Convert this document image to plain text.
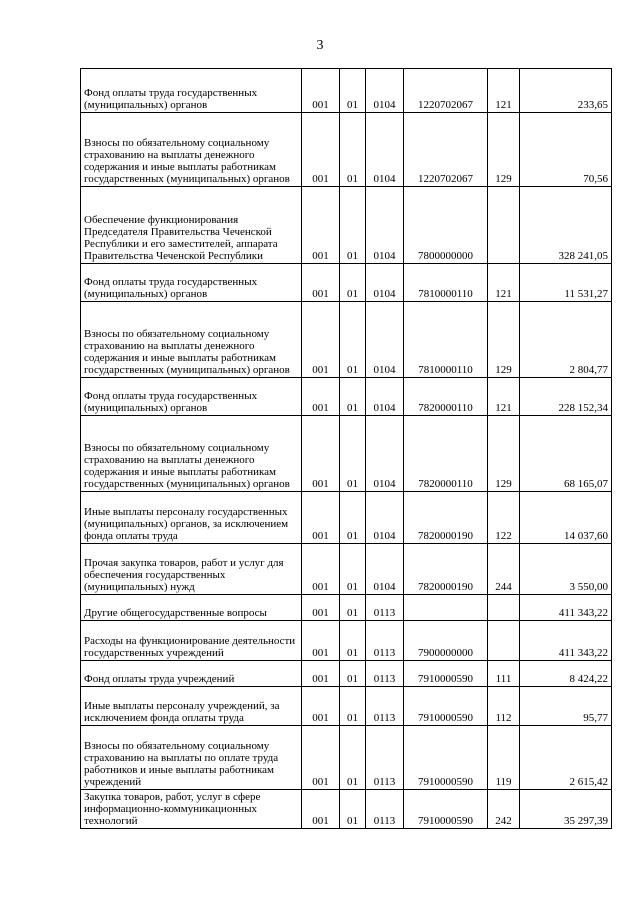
3
Фонд оплаты труда государственных (муниципальных) органов	001	01	0104	1220702067	121	233,65
Взносы по обязательному социальному страхованию на выплаты денежного содержания и иные выплаты работникам государственных (муниципальных) органов	001	01	0104	1220702067	129	70,56
Обеспечение функционирования Председателя Правительства Чеченской Республики и его заместителей, аппарата Правительства Чеченской Республики	001	01	0104	7800000000		328 241,05
Фонд оплаты труда государственных (муниципальных) органов	001	01	0104	7810000110	121	11 531,27
Взносы по обязательному социальному страхованию на выплаты денежного содержания и иные выплаты работникам государственных (муниципальных) органов	001	01	0104	7810000110	129	2 804,77
Фонд оплаты труда государственных (муниципальных) органов	001	01	0104	7820000110	121	228 152,34
Взносы по обязательному социальному страхованию на выплаты денежного содержания и иные выплаты работникам государственных (муниципальных) органов	001	01	0104	7820000110	129	68 165,07
Иные выплаты персоналу государственных (муниципальных) органов, за исключением фонда оплаты труда	001	01	0104	7820000190	122	14 037,60
Прочая закупка товаров, работ и услуг для обеспечения государственных (муниципальных) нужд	001	01	0104	7820000190	244	3 550,00
Другие общегосударственные вопросы	001	01	0113			411 343,22
Расходы на функционирование деятельности государственных учреждений	001	01	0113	7900000000		411 343,22
Фонд оплаты труда учреждений	001	01	0113	7910000590	111	8 424,22
Иные выплаты персоналу учреждений, за исключением фонда оплаты труда	001	01	0113	7910000590	112	95,77
Взносы по обязательному социальному страхованию на выплаты по оплате труда работников и иные выплаты работникам учреждений	001	01	0113	7910000590	119	2 615,42
Закупка товаров, работ, услуг в сфере информационно-коммуникационных технологий	001	01	0113	7910000590	242	35 297,39
